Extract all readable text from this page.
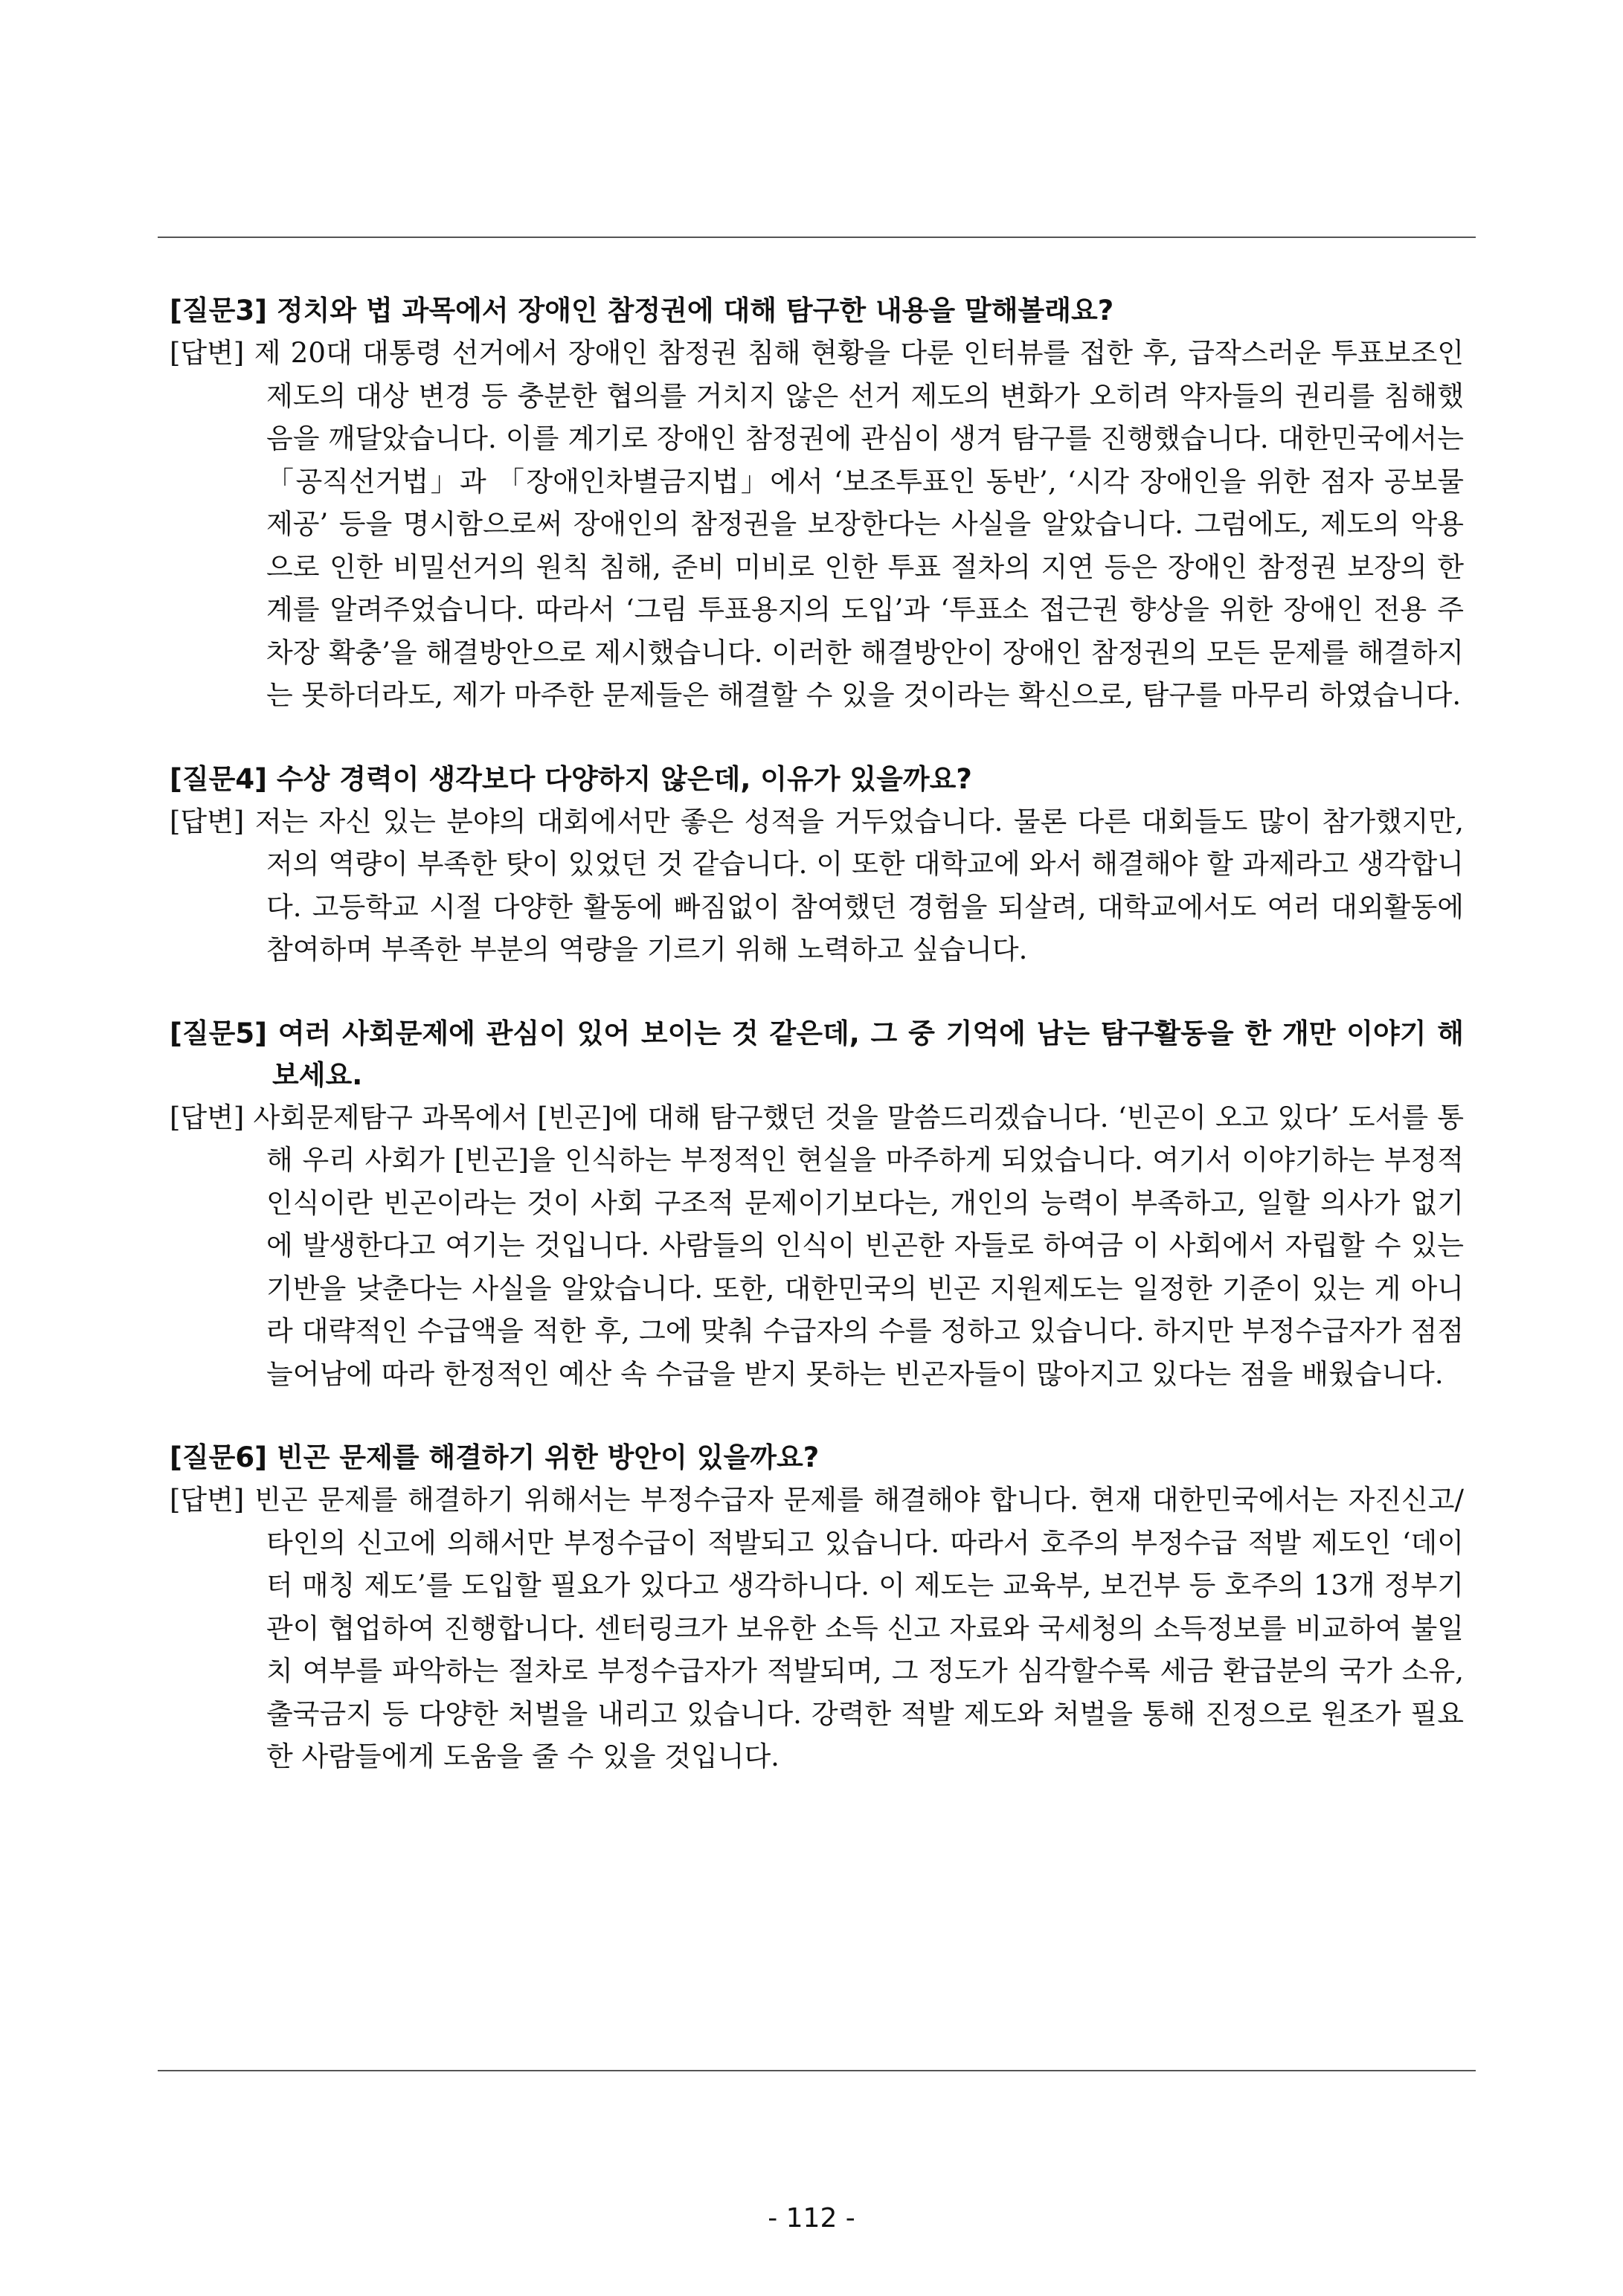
[질문3] 정치와 법 과목에서 장애인 참정권에 대해 탐구한 내용을 말해볼래요?

[답변] 제 20대 대통령 선거에서 장애인 참정권 침해 현황을 다룬 인터뷰를 접한 후, 급작스러운 투표보조인 제도의 대상 변경 등 충분한 협의를 거치지 않은 선거 제도의 변화가 오히려 약자들의 권리를 침해했음을 깨달았습니다. 이를 계기로 장애인 참정권에 관심이 생겨 탐구를 진행했습니다. 대한민국에서는 「공직선거법」과 「장애인차별금지법」에서 ‘보조투표인 동반’, ‘시각 장애인을 위한 점자 공보물 제공’ 등을 명시함으로써 장애인의 참정권을 보장한다는 사실을 알았습니다. 그럼에도, 제도의 악용으로 인한 비밀선거의 원칙 침해, 준비 미비로 인한 투표 절차의 지연 등은 장애인 참정권 보장의 한계를 알려주었습니다. 따라서 ‘그림 투표용지의 도입’과 ‘투표소 접근권 향상을 위한 장애인 전용 주차장 확충’을 해결방안으로 제시했습니다. 이러한 해결방안이 장애인 참정권의 모든 문제를 해결하지는 못하더라도, 제가 마주한 문제들은 해결할 수 있을 것이라는 확신으로, 탐구를 마무리 하였습니다.

[질문4] 수상 경력이 생각보다 다양하지 않은데, 이유가 있을까요?

[답변] 저는 자신 있는 분야의 대회에서만 좋은 성적을 거두었습니다. 물론 다른 대회들도 많이 참가했지만, 저의 역량이 부족한 탓이 있었던 것 같습니다. 이 또한 대학교에 와서 해결해야 할 과제라고 생각합니다. 고등학교 시절 다양한 활동에 빠짐없이 참여했던 경험을 되살려, 대학교에서도 여러 대외활동에 참여하며 부족한 부분의 역량을 기르기 위해 노력하고 싶습니다.

[질문5] 여러 사회문제에 관심이 있어 보이는 것 같은데, 그 중 기억에 남는 탐구활동을 한 개만 이야기 해보세요.

[답변] 사회문제탐구 과목에서 [빈곤]에 대해 탐구했던 것을 말씀드리겠습니다. ‘빈곤이 오고 있다’ 도서를 통해 우리 사회가 [빈곤]을 인식하는 부정적인 현실을 마주하게 되었습니다. 여기서 이야기하는 부정적 인식이란 빈곤이라는 것이 사회 구조적 문제이기보다는, 개인의 능력이 부족하고, 일할 의사가 없기에 발생한다고 여기는 것입니다. 사람들의 인식이 빈곤한 자들로 하여금 이 사회에서 자립할 수 있는 기반을 낮춘다는 사실을 알았습니다. 또한, 대한민국의 빈곤 지원제도는 일정한 기준이 있는 게 아니라 대략적인 수급액을 적한 후, 그에 맞춰 수급자의 수를 정하고 있습니다. 하지만 부정수급자가 점점 늘어남에 따라 한정적인 예산 속 수급을 받지 못하는 빈곤자들이 많아지고 있다는 점을 배웠습니다.

[질문6] 빈곤 문제를 해결하기 위한 방안이 있을까요?

[답변] 빈곤 문제를 해결하기 위해서는 부정수급자 문제를 해결해야 합니다. 현재 대한민국에서는 자진신고/ 타인의 신고에 의해서만 부정수급이 적발되고 있습니다. 따라서 호주의 부정수급 적발 제도인 ‘데이터 매칭 제도’를 도입할 필요가 있다고 생각하니다. 이 제도는 교육부, 보건부 등 호주의 13개 정부기관이 협업하여 진행합니다. 센터링크가 보유한 소득 신고 자료와 국세청의 소득정보를 비교하여 불일치 여부를 파악하는 절차로 부정수급자가 적발되며, 그 정도가 심각할수록 세금 환급분의 국가 소유, 출국금지 등 다양한 처벌을 내리고 있습니다. 강력한 적발 제도와 처벌을 통해 진정으로 원조가 필요한 사람들에게 도움을 줄 수 있을 것입니다.

- 112 -
